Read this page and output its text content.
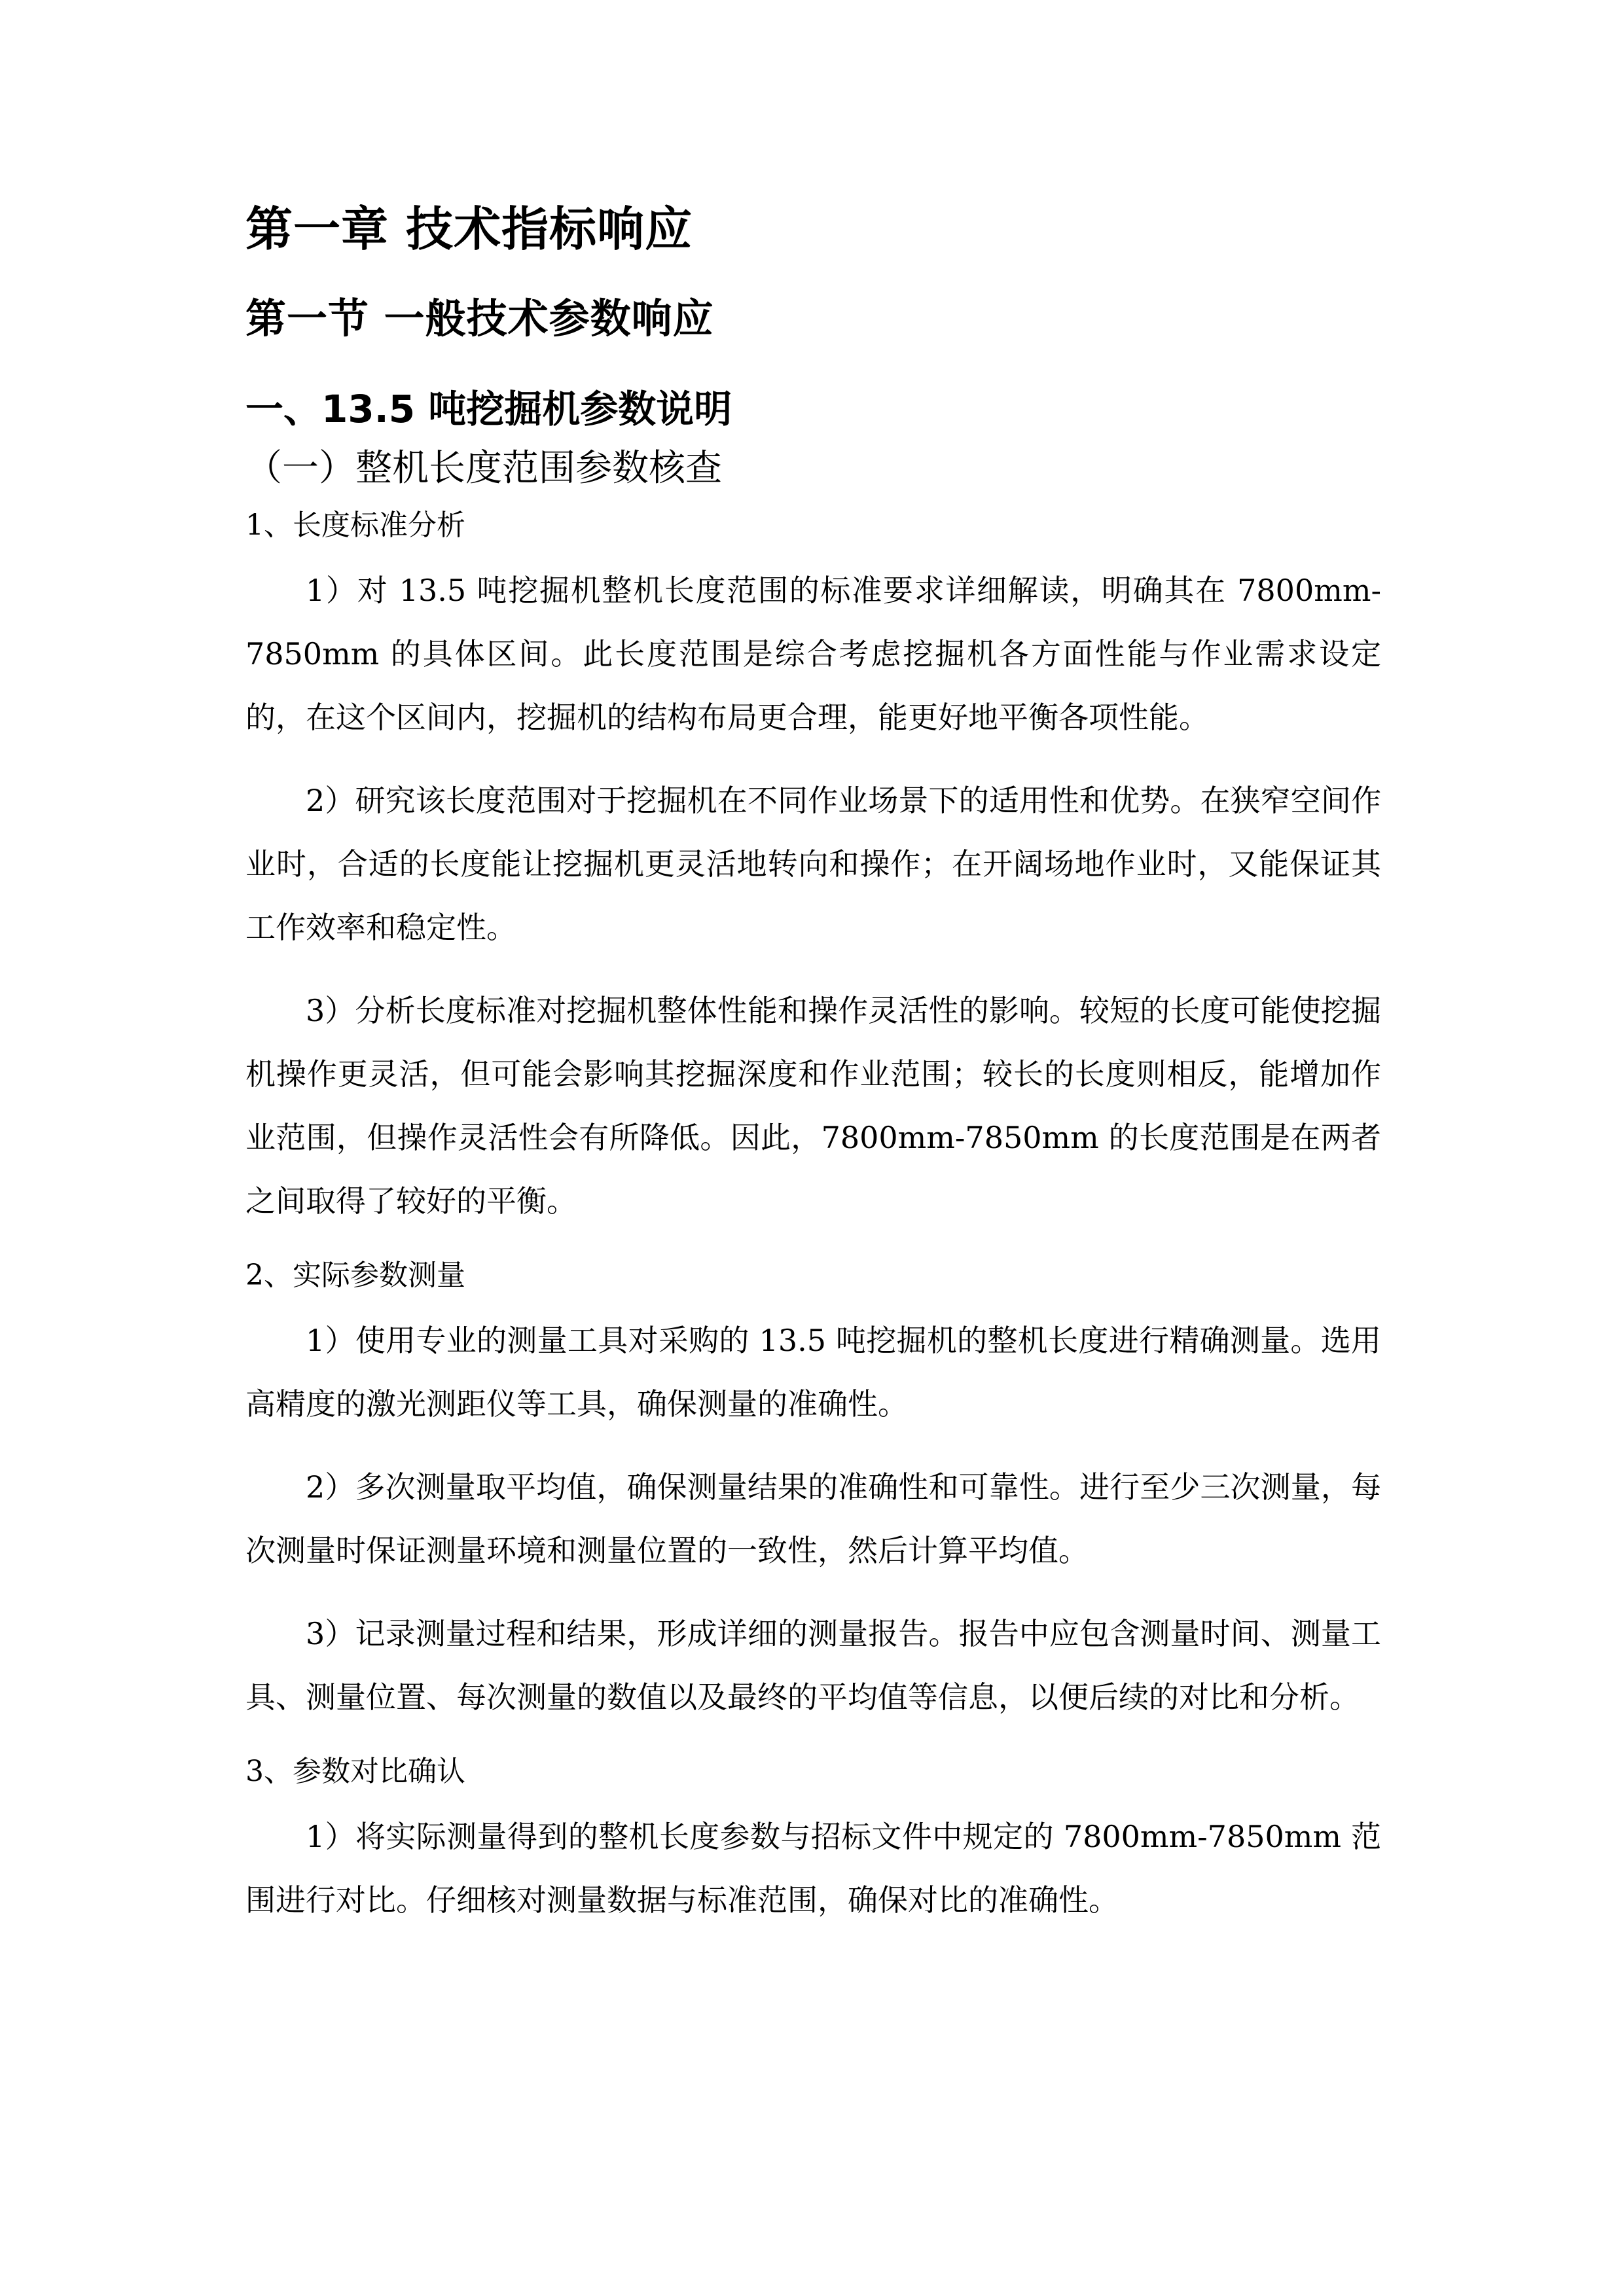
第一章 技术指标响应
第一节 一般技术参数响应
一、13.5 吨挖掘机参数说明
（一）整机长度范围参数核查
1、长度标准分析

1）对 13.5 吨挖掘机整机长度范围的标准要求详细解读，明确其在 7800mm-7850mm 的具体区间。此长度范围是综合考虑挖掘机各方面性能与作业需求设定的，在这个区间内，挖掘机的结构布局更合理，能更好地平衡各项性能。

2）研究该长度范围对于挖掘机在不同作业场景下的适用性和优势。在狭窄空间作业时，合适的长度能让挖掘机更灵活地转向和操作；在开阔场地作业时，又能保证其工作效率和稳定性。

3）分析长度标准对挖掘机整体性能和操作灵活性的影响。较短的长度可能使挖掘机操作更灵活，但可能会影响其挖掘深度和作业范围；较长的长度则相反，能增加作业范围，但操作灵活性会有所降低。因此，7800mm-7850mm 的长度范围是在两者之间取得了较好的平衡。

2、实际参数测量

1）使用专业的测量工具对采购的 13.5 吨挖掘机的整机长度进行精确测量。选用高精度的激光测距仪等工具，确保测量的准确性。

2）多次测量取平均值，确保测量结果的准确性和可靠性。进行至少三次测量，每次测量时保证测量环境和测量位置的一致性，然后计算平均值。

3）记录测量过程和结果，形成详细的测量报告。报告中应包含测量时间、测量工具、测量位置、每次测量的数值以及最终的平均值等信息，以便后续的对比和分析。

3、参数对比确认

1）将实际测量得到的整机长度参数与招标文件中规定的 7800mm-7850mm 范围进行对比。仔细核对测量数据与标准范围，确保对比的准确性。
